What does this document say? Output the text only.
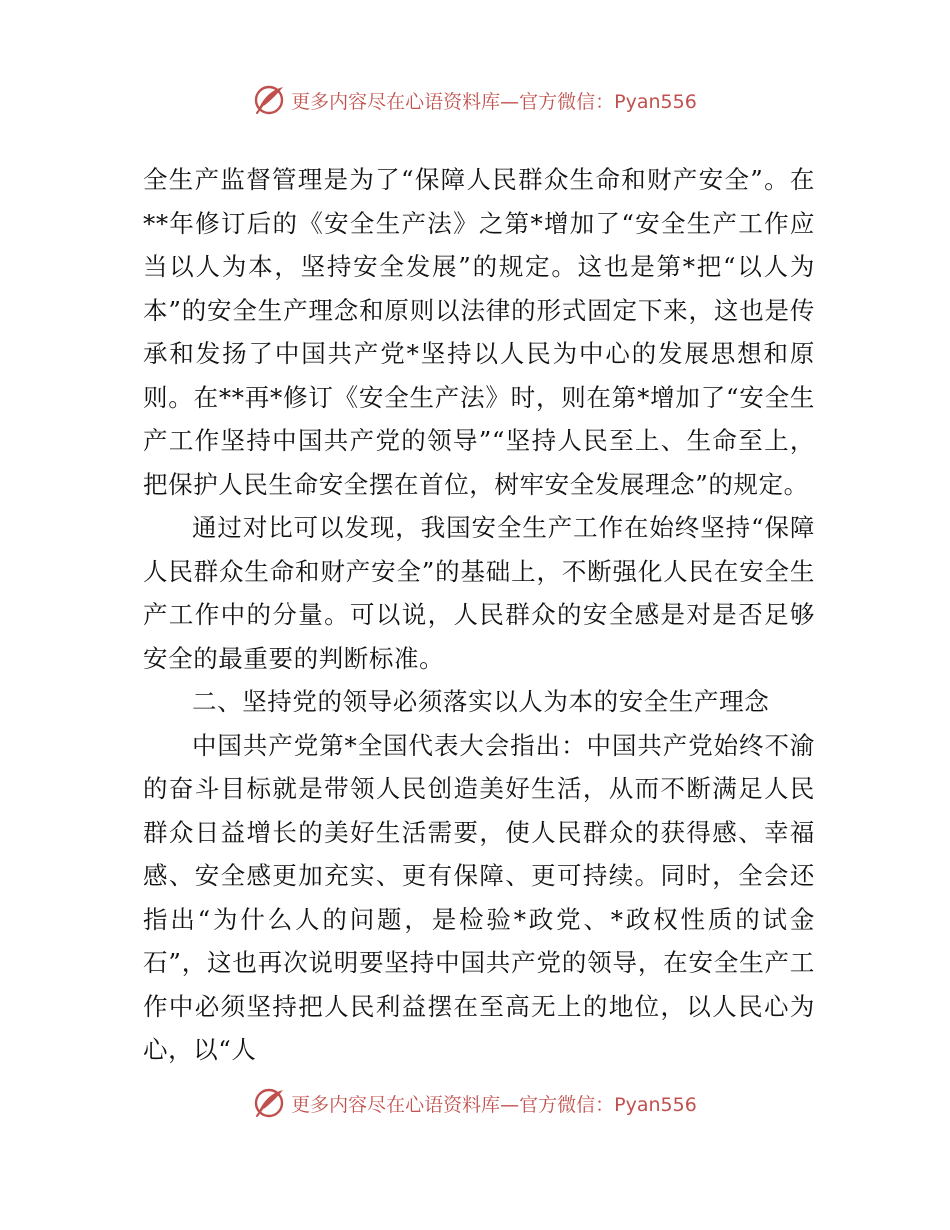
更多内容尽在心语资料库—官方微信：Pyan556

全生产监督管理是为了“保障人民群众生命和财产安全”。在**年修订后的《安全生产法》之第*增加了“安全生产工作应当以人为本，坚持安全发展”的规定。这也是第*把“以人为本”的安全生产理念和原则以法律的形式固定下来，这也是传承和发扬了中国共产党*坚持以人民为中心的发展思想和原则。在**再*修订《安全生产法》时，则在第*增加了“安全生产工作坚持中国共产党的领导”“坚持人民至上、生命至上，把保护人民生命安全摆在首位，树牢安全发展理念”的规定。

通过对比可以发现，我国安全生产工作在始终坚持“保障人民群众生命和财产安全”的基础上，不断强化人民在安全生产工作中的分量。可以说，人民群众的安全感是对是否足够安全的最重要的判断标准。

二、坚持党的领导必须落实以人为本的安全生产理念

中国共产党第*全国代表大会指出：中国共产党始终不渝的奋斗目标就是带领人民创造美好生活，从而不断满足人民群众日益增长的美好生活需要，使人民群众的获得感、幸福感、安全感更加充实、更有保障、更可持续。同时，全会还指出“为什么人的问题，是检验*政党、*政权性质的试金石”，这也再次说明要坚持中国共产党的领导，在安全生产工作中必须坚持把人民利益摆在至高无上的地位，以人民心为心，以“人

更多内容尽在心语资料库—官方微信：Pyan556
